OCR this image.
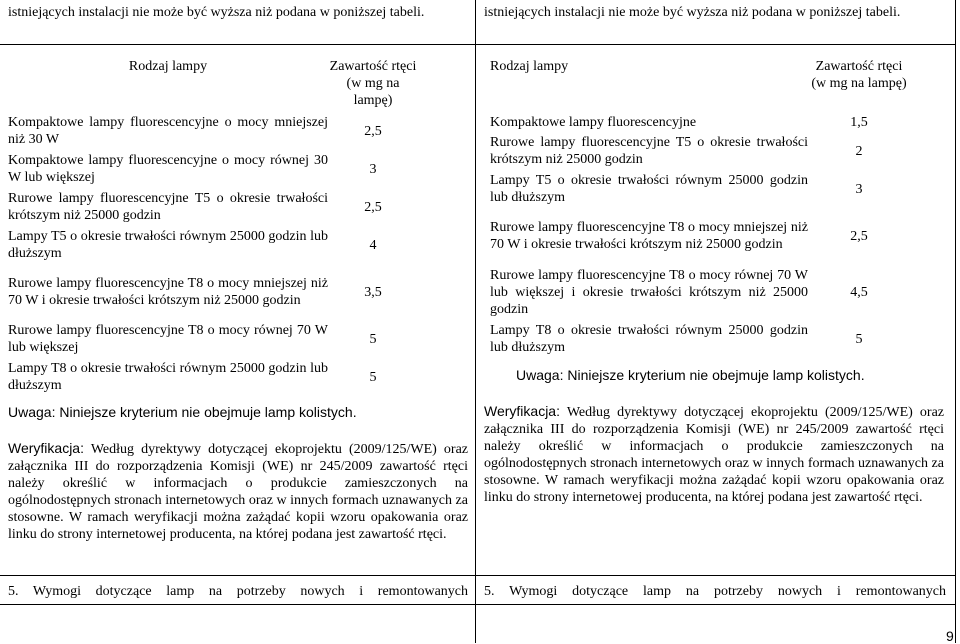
istniejących instalacji nie może być wyższa niż podana w poniższej tabeli.
Rodzaj lampy	Zawartość rtęci (w mg na lampę)
Kompaktowe lampy fluorescencyjne o mocy mniejszej niż 30 W	2,5
Kompaktowe lampy fluorescencyjne o mocy równej 30 W lub większej	3
Rurowe lampy fluorescencyjne T5 o okresie trwałości krótszym niż 25000 godzin	2,5
Lampy T5 o okresie trwałości równym 25000 godzin lub dłuższym	4
Rurowe lampy fluorescencyjne T8 o mocy mniejszej niż 70 W i okresie trwałości krótszym niż 25000 godzin	3,5
Rurowe lampy fluorescencyjne T8 o mocy równej 70 W lub większej	5
Lampy T8 o okresie trwałości równym 25000 godzin lub dłuższym	5
Uwaga: Niniejsze kryterium nie obejmuje lamp kolistych.
Weryfikacja: Według dyrektywy dotyczącej ekoprojektu (2009/125/WE) oraz załącznika III do rozporządzenia Komisji (WE) nr 245/2009 zawartość rtęci należy określić w informacjach o produkcie zamieszczonych na ogólnodostępnych stronach internetowych oraz w innych formach uznawanych za stosowne. W ramach weryfikacji można zażądać kopii wzoru opakowania oraz linku do strony internetowej producenta, na której podana jest zawartość rtęci.
5. Wymogi dotyczące lamp na potrzeby nowych i remontowanych
istniejących instalacji nie może być wyższa niż podana w poniższej tabeli.
Rodzaj lampy	Zawartość rtęci (w mg na lampę)
Kompaktowe lampy fluorescencyjne	1,5
Rurowe lampy fluorescencyjne T5 o okresie trwałości krótszym niż 25000 godzin	2
Lampy T5 o okresie trwałości równym 25000 godzin lub dłuższym	3
Rurowe lampy fluorescencyjne T8 o mocy mniejszej niż 70 W i okresie trwałości krótszym niż 25000 godzin	2,5
Rurowe lampy fluorescencyjne T8 o mocy równej 70 W lub większej i okresie trwałości krótszym niż 25000 godzin	4,5
Lampy T8 o okresie trwałości równym 25000 godzin lub dłuższym	5
Uwaga: Niniejsze kryterium nie obejmuje lamp kolistych.
Weryfikacja: Według dyrektywy dotyczącej ekoprojektu (2009/125/WE) oraz załącznika III do rozporządzenia Komisji (WE) nr 245/2009 zawartość rtęci należy określić w informacjach o produkcie zamieszczonych na ogólnodostępnych stronach internetowych oraz w innych formach uznawanych za stosowne. W ramach weryfikacji można zażądać kopii wzoru opakowania oraz linku do strony internetowej producenta, na której podana jest zawartość rtęci.
5. Wymogi dotyczące lamp na potrzeby nowych i remontowanych
9
